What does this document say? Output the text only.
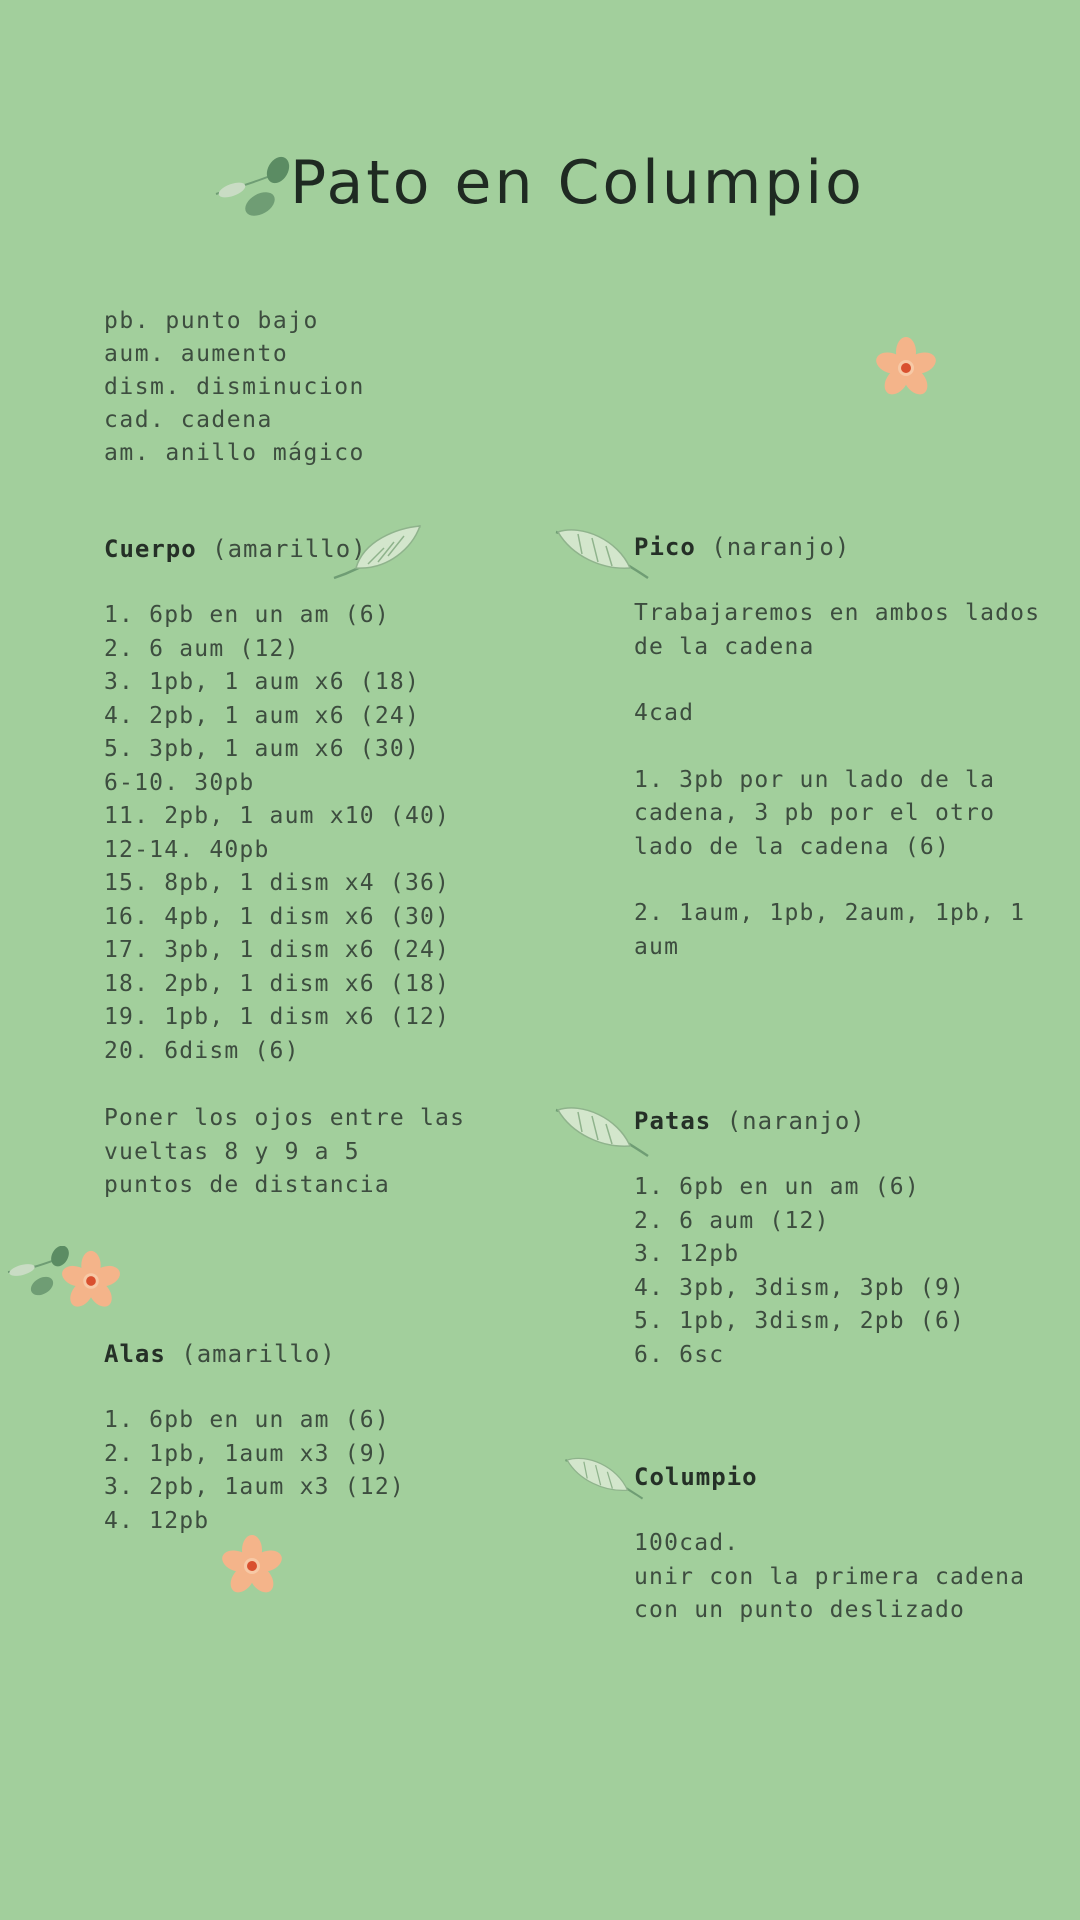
Pato en Columpio
pb. punto bajo
aum. aumento
dism. disminucion
cad. cadena
am. anillo mágico
Cuerpo (amarillo)
1. 6pb en un am (6)
2. 6 aum (12)
3. 1pb, 1 aum x6 (18)
4. 2pb, 1 aum x6 (24)
5. 3pb, 1 aum x6 (30)
6-10. 30pb
11. 2pb, 1 aum x10 (40)
12-14. 40pb
15. 8pb, 1 dism x4 (36)
16. 4pb, 1 dism x6 (30)
17. 3pb, 1 dism x6 (24)
18. 2pb, 1 dism x6 (18)
19. 1pb, 1 dism x6 (12)
20. 6dism (6)
Poner los ojos entre las
vueltas 8 y 9 a 5
puntos de distancia
Alas (amarillo)
1. 6pb en un am (6)
2. 1pb, 1aum x3 (9)
3. 2pb, 1aum x3 (12)
4. 12pb
Pico (naranjo)
Trabajaremos en ambos lados
de la cadena
4cad
1. 3pb por un lado de la
cadena, 3 pb por el otro
lado de la cadena (6)
2. 1aum, 1pb, 2aum, 1pb, 1
aum
Patas (naranjo)
1. 6pb en un am (6)
2. 6 aum (12)
3. 12pb
4. 3pb, 3dism, 3pb (9)
5. 1pb, 3dism, 2pb (6)
6. 6sc
Columpio
100cad.
unir con la primera cadena
con un punto deslizado
